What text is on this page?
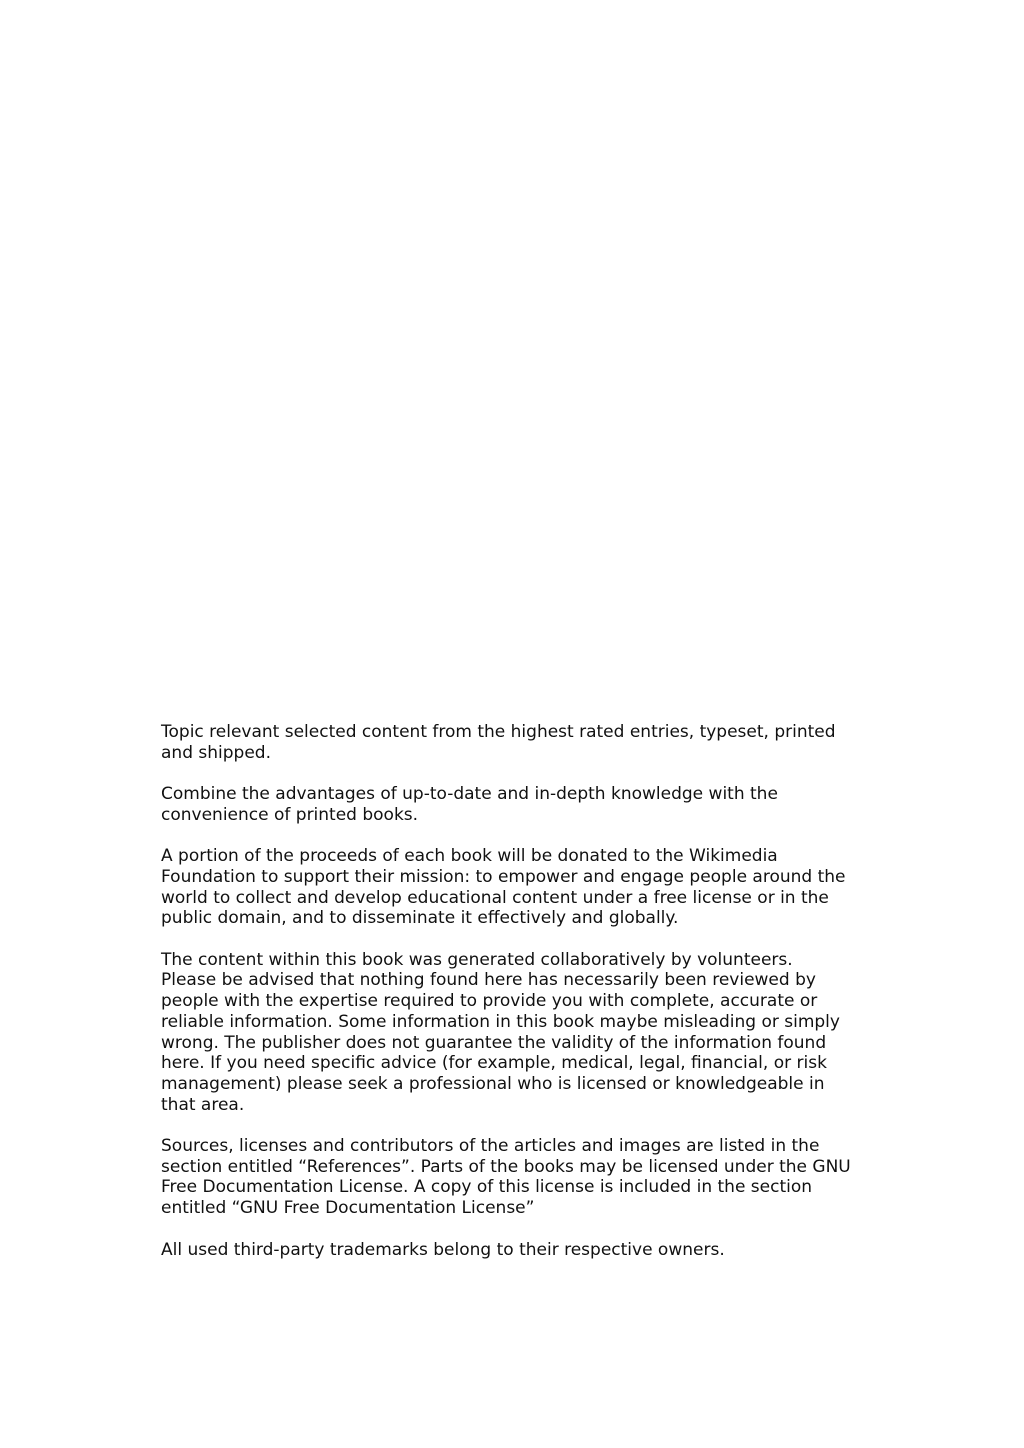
Topic relevant selected content from the highest rated entries, typeset, printed
and shipped.

Combine the advantages of up-to-date and in-depth knowledge with the
convenience of printed books.

A portion of the proceeds of each book will be donated to the Wikimedia
Foundation to support their mission: to empower and engage people around the
world to collect and develop educational content under a free license or in the
public domain, and to disseminate it effectively and globally.

The content within this book was generated collaboratively by volunteers.
Please be advised that nothing found here has necessarily been reviewed by
people with the expertise required to provide you with complete, accurate or
reliable information. Some information in this book maybe misleading or simply
wrong. The publisher does not guarantee the validity of the information found
here. If you need specific advice (for example, medical, legal, financial, or risk
management) please seek a professional who is licensed or knowledgeable in
that area.

Sources, licenses and contributors of the articles and images are listed in the
section entitled “References”. Parts of the books may be licensed under the GNU
Free Documentation License. A copy of this license is included in the section
entitled “GNU Free Documentation License”

All used third-party trademarks belong to their respective owners.
